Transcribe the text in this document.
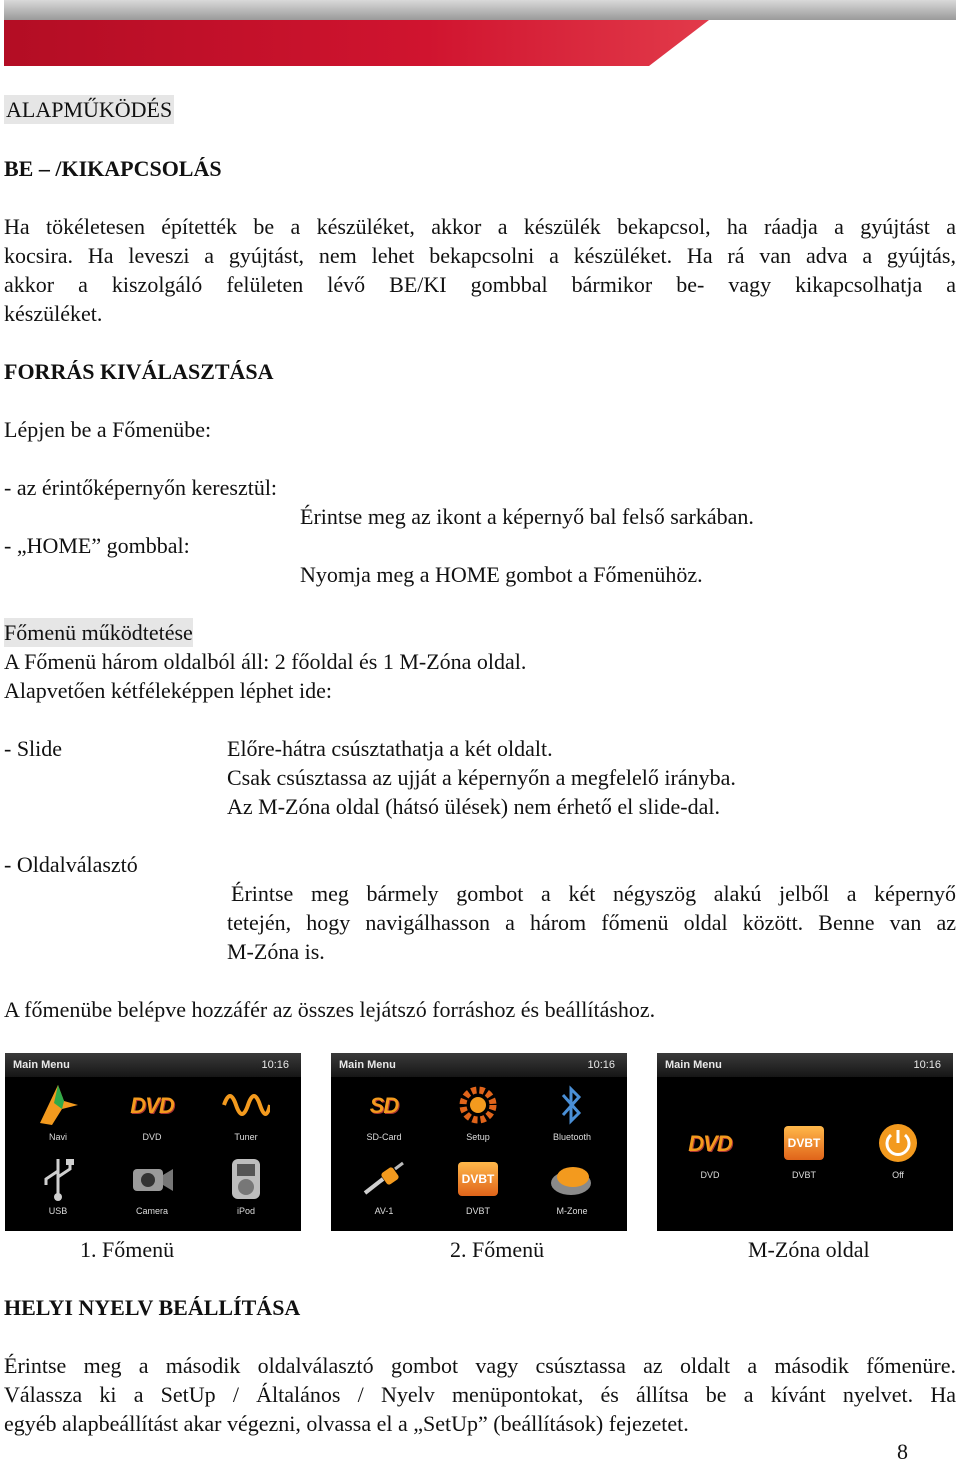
ALAPMŰKÖDÉS
BE – /KIKAPCSOLÁS
Ha tökéletesen építették be a készüléket, akkor a készülék bekapcsol, ha ráadja a gyújtást a
kocsira. Ha leveszi a gyújtást, nem lehet bekapcsolni a készüléket. Ha rá van adva a gyújtás,
akkor a kiszolgáló felületen lévő BE/KI gombbal bármikor be- vagy kikapcsolhatja a
készüléket.
FORRÁS KIVÁLASZTÁSA
Lépjen be a Főmenübe:
- az érintőképernyőn keresztül:
Érintse meg az ikont a képernyő bal felső sarkában.
- „HOME” gombbal:
Nyomja meg a HOME gombot a Főmenühöz.
Főmenü működtetése
A Főmenü három oldalból áll: 2 főoldal és 1 M-Zóna oldal.
Alapvetően kétféleképpen léphet ide:
- Slide	Előre-hátra csúsztathatja a két oldalt.
Csak csúsztassa az ujját a képernyőn a megfelelő irányba.
Az M-Zóna oldal (hátsó ülések) nem érhető el slide-dal.
- Oldalválasztó
Érintse meg bármely gombot a két négyszög alakú jelből a képernyő
tetején, hogy navigálhasson a három főmenü oldal között. Benne van az
M-Zóna is.
A főmenübe belépve hozzáfér az összes lejátszó forráshoz és beállításhoz.
Main Menu	10:16
Navi
DVD
DVD	Tuner
USB	Camera	iPod
Main Menu	10:16
SD
SD-Card	Setup	Bluetooth
AV-1
DVBT
DVBT	M-Zone
Main Menu	10:16
DVD
DVD
DVBT
DVBT	Off
1. Főmenü	2. Főmenü	M-Zóna oldal
HELYI NYELV BEÁLLÍTÁSA
Érintse meg a második oldalválasztó gombot vagy csúsztassa az oldalt a második főmenüre.
Válassza ki a SetUp / Általános / Nyelv menüpontokat, és állítsa be a kívánt nyelvet. Ha
egyéb alapbeállítást akar végezni, olvassa el a „SetUp” (beállítások) fejezetet.
8
